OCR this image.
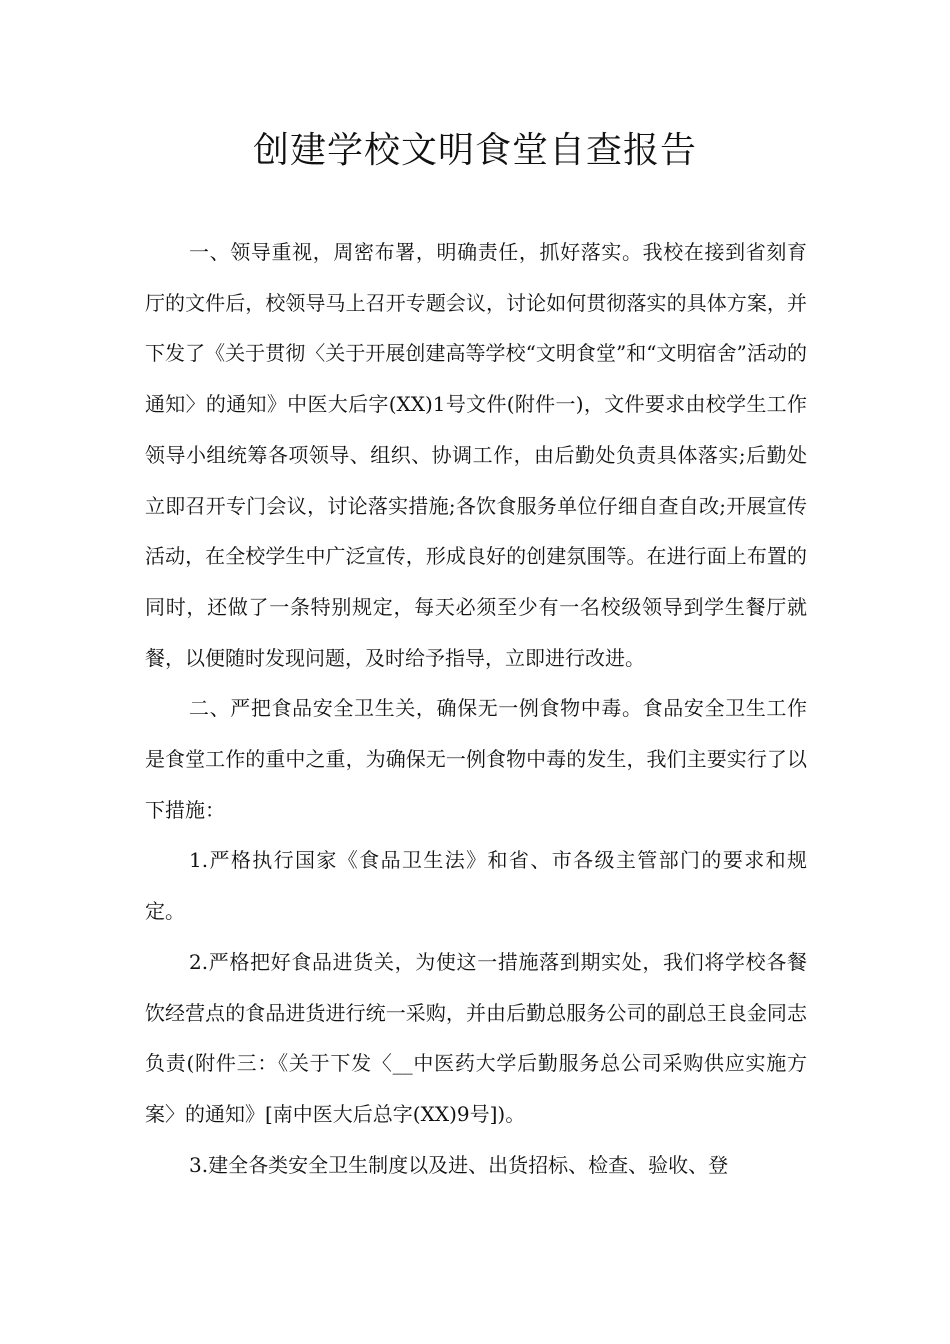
创建学校文明食堂自查报告

一、领导重视，周密布署，明确责任，抓好落实。我校在接到省刻育厅的文件后，校领导马上召开专题会议，讨论如何贯彻落实的具体方案，并下发了《关于贯彻〈关于开展创建高等学校“文明食堂”和“文明宿舍”活动的通知〉的通知》中医大后字(XX)1号文件(附件一)，文件要求由校学生工作领导小组统筹各项领导、组织、协调工作，由后勤处负责具体落实;后勤处立即召开专门会议，讨论落实措施;各饮食服务单位仔细自查自改;开展宣传活动，在全校学生中广泛宣传，形成良好的创建氛围等。在进行面上布置的同时，还做了一条特别规定，每天必须至少有一名校级领导到学生餐厅就餐，以便随时发现问题，及时给予指导，立即进行改进。

二、严把食品安全卫生关，确保无一例食物中毒。食品安全卫生工作是食堂工作的重中之重，为确保无一例食物中毒的发生，我们主要实行了以下措施：

1.严格执行国家《食品卫生法》和省、市各级主管部门的要求和规定。

2.严格把好食品进货关，为使这一措施落到期实处，我们将学校各餐饮经营点的食品进货进行统一采购，并由后勤总服务公司的副总王良金同志负责(附件三：《关于下发〈__中医药大学后勤服务总公司采购供应实施方案〉的通知》[南中医大后总字(XX)9号])。

3.建全各类安全卫生制度以及进、出货招标、检查、验收、登
